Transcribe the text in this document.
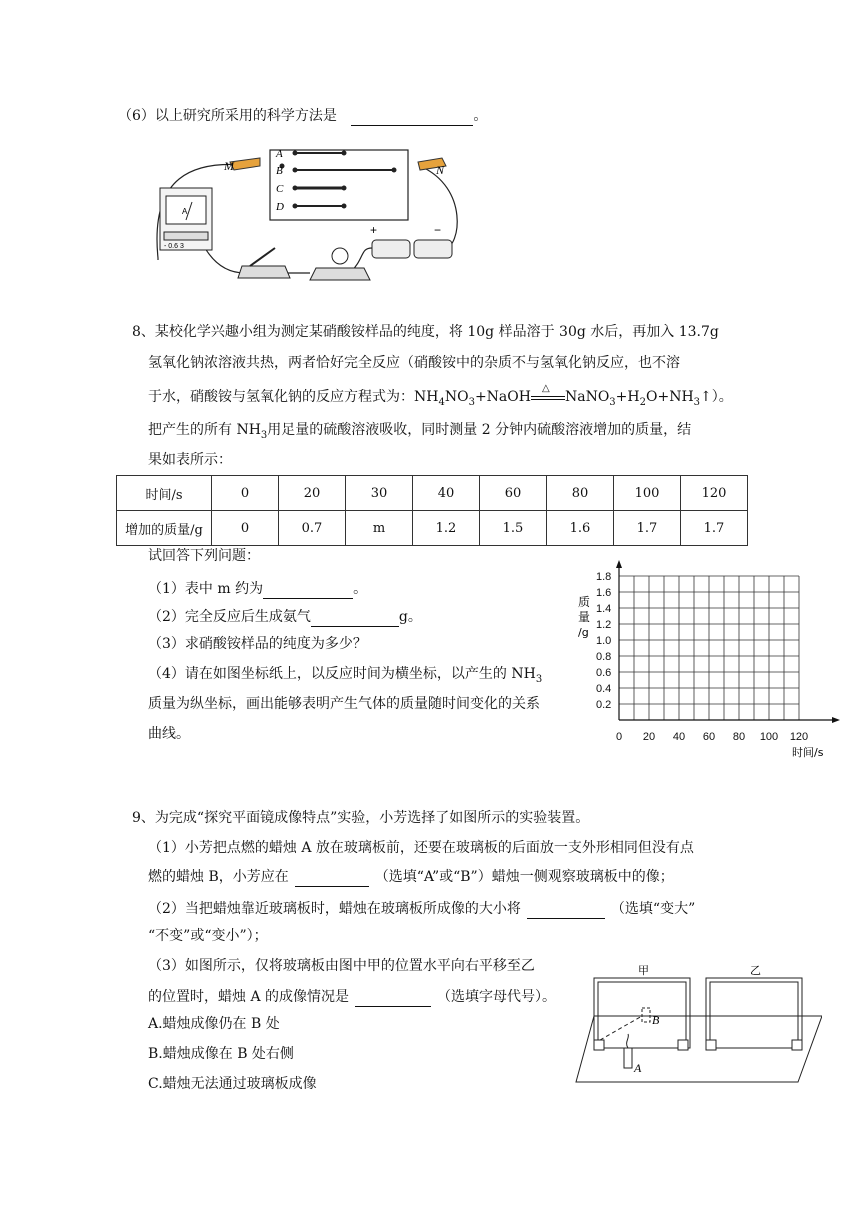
（6）以上研究所采用的科学方法是	。
M	N
A
B
C
D
+	−
A
- 0.6 3
8、某校化学兴趣小组为测定某硝酸铵样品的纯度，将 10g 样品溶于 30g 水后，再加入 13.7g
氢氧化钠浓溶液共热，两者恰好完全反应（硝酸铵中的杂质不与氢氧化钠反应，也不溶
于水，硝酸铵与氢氧化钠的反应方程式为：$NH_4NO_3+NaOH$
△
$NaNO_3+H_2O+NH_3↑$）。
把产生的所有 $NH_3$用足量的硫酸溶液吸收，同时测量 2 分钟内硫酸溶液增加的质量，结
果如表所示：
时间/s	0	20	30	40	60	80	100	120
增加的质量/g	0	0.7	m	1.2	1.5	1.6	1.7	1.7
试回答下列问题：
（1）表中 m 约为	。
（2）完全反应后生成氨气	g。
（3）求硝酸铵样品的纯度为多少？
（4）请在如图坐标纸上，以反应时间为横坐标，以产生的 $NH_3$
质量为纵坐标，画出能够表明产生气体的质量随时间变化的关系
曲线。
1.8
1.6
1.4
1.2
1.0
0.8
0.6
0.4
0.2
0 20 40 60 80 100 120
质
量
/g
时间/s
9、为完成“探究平面镜成像特点”实验，小芳选择了如图所示的实验装置。
（1）小芳把点燃的蜡烛 A 放在玻璃板前，还要在玻璃板的后面放一支外形相同但没有点
燃的蜡烛 B，小芳应在	（选填“A”或“B”）蜡烛一侧观察玻璃板中的像；
（2）当把蜡烛靠近玻璃板时，蜡烛在玻璃板所成像的大小将	（选填“变大”
“不变”或“变小”）；
（3）如图所示，仅将玻璃板由图中甲的位置水平向右平移至乙
的位置时，蜡烛 A 的成像情况是	（选填字母代号）。
A.蜡烛成像仍在 B 处
B.蜡烛成像在 B 处右侧
C.蜡烛无法通过玻璃板成像
甲	乙
B
A
